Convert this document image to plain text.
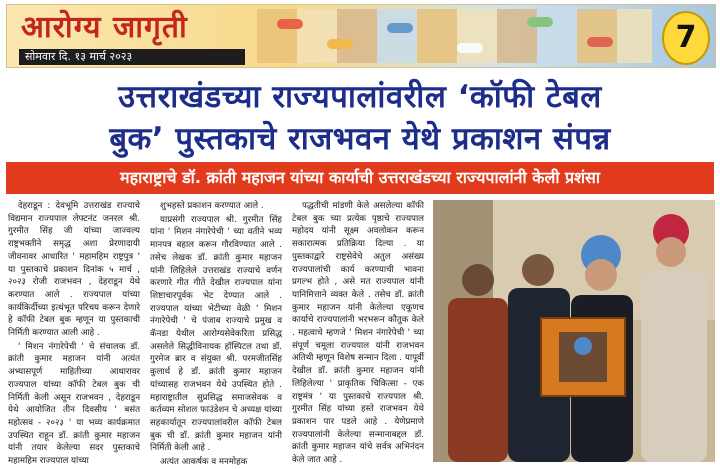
आरोग्य जागृती
सोमवार दि. १३ मार्च २०२३
7
उत्तराखंडच्या राज्यपालांवरील ‘कॉफी टेबल
बुक’ पुस्तकाचे राजभवन येथे प्रकाशन संपन्न
महाराष्ट्राचे डॉ. क्रांती महाजन यांच्या कार्याची उत्तराखंडच्या राज्यपालांनी केली प्रशंसा

देहराडून : देवभूमि उत्तराखंड राज्याचे विद्यमान राज्यपाल लेफ्टनंट जनरल श्री. गुरमीत सिंह जी यांच्या जाज्वल्य राष्ट्रभक्तीने समृद्ध अशा प्रेरणादायी जीवनावर आधारित ' महामहिम राष्ट्रपुत्र ' या पुस्तकाचे प्रकाशन दिनांक ५ मार्च , २०२३ रोजी राजभवन , देहराडून येथे करण्यात आले . राज्यपाल यांच्या कार्यकिर्दीच्या इत्थंभूत परिचय करून देणारे हे कॉफी टेबल बुक म्हणून या पुस्तकाची निर्मिती करण्यात आली आहे .

' मिशन नंगारेपेची ' चे संचालक डॉ. क्रांती कुमार महाजन यांनी अत्यंत अभ्यासपूर्ण माहितीच्या आधारावर राज्यपाल यांच्या कॉफी टेबल बुक ची निर्मिती केली असून राजभवन , देहराडून येथे आयोजित तीन दिवसीय ' बसंत महोत्सव - २०२३ ' या भव्य कार्यक्रमात उपस्थित राहून डॉ. क्रांती कुमार महाजन यांनी तयार केलेल्या सदर पुस्तकाचे महामहिम राज्यपाल यांच्या

शुभहस्ते प्रकाशन करण्यात आले .

याप्रसंगी राज्यपाल श्री. गुरमीत सिंह यांना ' मिशन नंगारेपेची ' च्या वतीने भव्य मानपत्र बहाल करून गौरविण्यात आले . तसेच लेखक डॉ. क्रांती कुमार महाजन यांनी लिहिलेले उत्तराखंड राज्याचे वर्णन करणारे गीत गीते देखील राज्यपाल यांना शिष्टाचारपूर्वक भेट देण्यात आले . राज्यपाल यांच्या भेटीच्या वेळी ' मिशन नंगारेपेची ' चे पंजाब राज्याचे प्रमुख व कॅनडा येथील आरोग्यसेवेकरिता प्रसिद्ध असलेले सिद्धीविनायक हॉस्पिटल तथा डॉ. गुरमेज ब्रार व संयुक्त श्री. परमजीतसिंह कुलार्थ हे डॉ. क्रांती कुमार महाजन यांच्यासह राजभवन येथे उपस्थित होते . महाराष्ट्रातील सुप्रसिद्ध समाजसेवक व कर्तव्यम सोशल फाउंडेशन चे अध्यक्ष यांच्या सहकार्यातून राज्यपालांवरील कॉफी टेबल बुक ची डॉ. क्रांती कुमार महाजन यांनी निर्मिती केली आहे .

अत्यंत आकर्षक व मनमोहक

पद्धतीची मांडणी केले असलेल्या कॉफी टेबल बुक च्या प्रत्येक पृष्ठाचे राज्यपाल महोदय यांनी सूक्ष्म अवलोकन करून सकारात्मक प्रतिक्रिया दिल्या . या पुस्तकाद्वारे राष्ट्रसेवेचे अतुल असंख्य राज्यपालांची कार्य करण्याची भावना प्रगल्भ होते , असे मत राज्यपाल यांनी यानिमित्ताने व्यक्त केले . तसेच डॉ. क्रांती कुमार महाजन यांनी केलेल्या एकूणच कार्याचे राज्यपालांनी भरभरून कौतुक केले . महत्वाचे म्हणजे ' मिशन नंगारेपेची ' च्या संपूर्ण चमूला राज्यपाल यांनी राजभवन अतिथी म्हणून विशेष सन्मान दिला . यापूर्वी देखील डॉ. क्रांती कुमार महाजन यांनी लिहिलेल्या ' प्राकृतिक चिकित्सा - एक राष्ट्रमंत्र ' या पुस्तकाचे राज्यपाल श्री. गुरमीत सिंह यांच्या हस्ते राजभवन येथे प्रकाशन पार पडले आहे . येणेप्रमाणे राज्यपालांनी केलेल्या सन्मानाबद्दल डॉ. क्रांती कुमार महाजन यांचे सर्वत्र अभिनंदन केले जात आहे .
